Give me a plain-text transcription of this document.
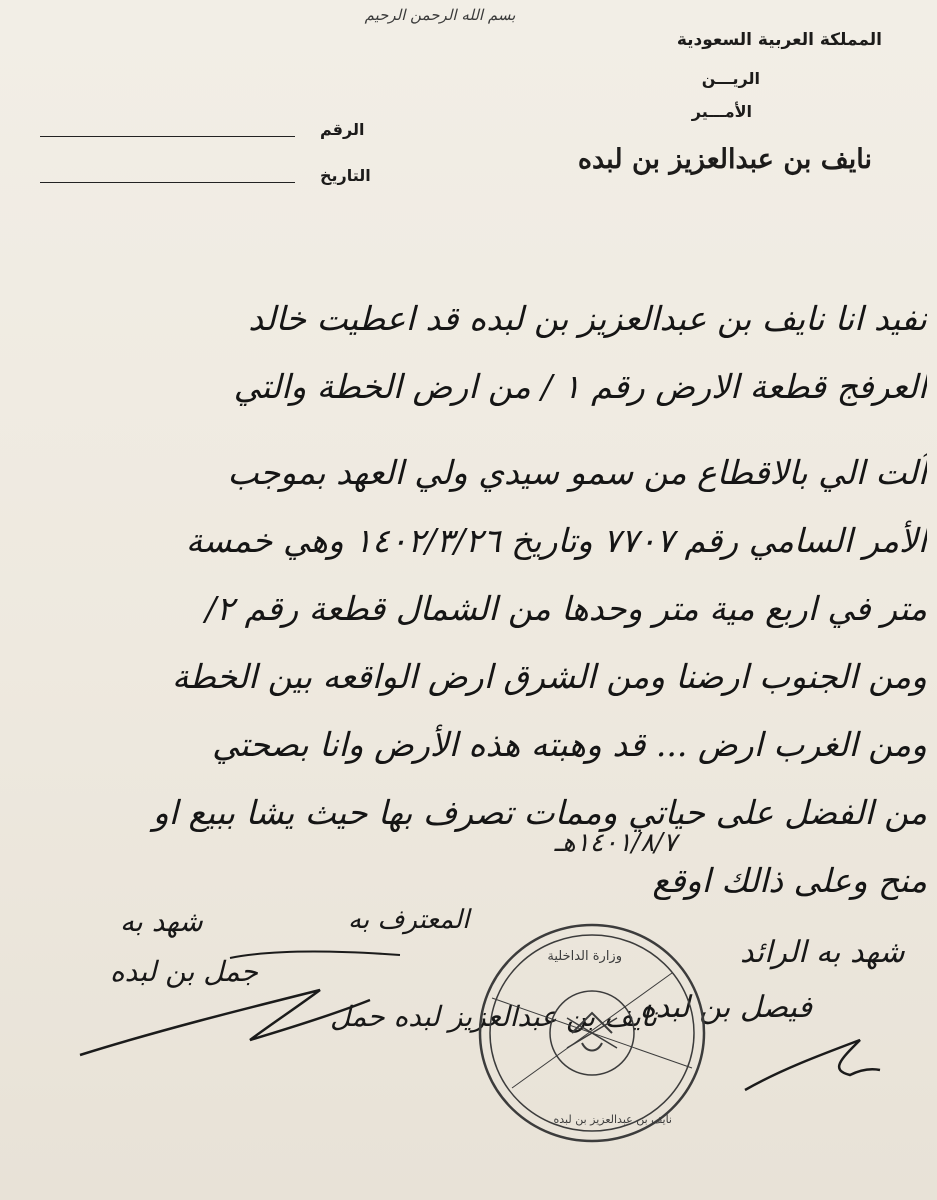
بسم الله الرحمن الرحيم
المملكة العربية السعودية
الريـــن
الأمـــير
نايف بن عبدالعزيز بن لبده
الرقم
التاريخ
نفيد انا نايف بن عبدالعزيز بن لبده قد اعطيت خالد
العرفج قطعة الارض رقم ١ / من ارض الخطة والتي
آلت الي بالاقطاع من سمو سيدي ولي العهد بموجب
الأمر السامي رقم ٧٧٠٧ وتاريخ ١٤٠٢/٣/٢٦ وهي خمسة
متر في اربع مية متر وحدها من الشمال قطعة رقم ٢/
ومن الجنوب ارضنا ومن الشرق ارض الواقعه بين الخطة
ومن الغرب ارض ... قد وهبته هذه الأرض وانا بصحتي
من الفضل على حياتي وممات تصرف بها حيث يشا ببيع او
منح وعلى ذالك اوقع
١٤٠١/٨/٧هـ
شهد به الرائد
فيصل بن لبده
المعترف به
نايف بن عبدالعزيز لبده حمل
شهد به
جمل بن لبده	وزارة الداخلية
نايف بن عبدالعزيز بن لبده
